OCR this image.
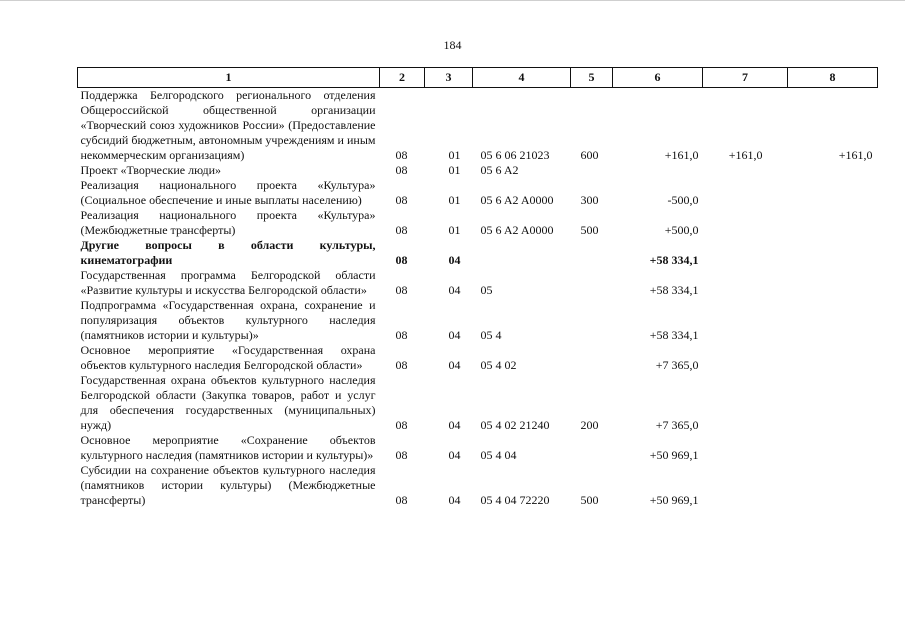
184
1	2	3	4	5	6	7	8
Поддержка Белгородского регионального отделения Общероссийской общественной организации «Творческий союз художников России» (Предоставление субсидий бюджетным, автономным учреждениям и иным некоммерческим организациям)	08	01	05 6 06 21023	600	+161,0	+161,0	+161,0
Проект «Творческие люди»	08	01	05 6 A2				
Реализация национального проекта «Культура» (Социальное обеспечение и иные выплаты населению)	08	01	05 6 A2 A0000	300	-500,0		
Реализация национального проекта «Культура» (Межбюджетные трансферты)	08	01	05 6 A2 A0000	500	+500,0		
Другие вопросы в области культуры, кинематографии	08	04			+58 334,1		
Государственная программа Белгородской области «Развитие культуры и искусства Белгородской области»	08	04	05		+58 334,1		
Подпрограмма «Государственная охрана, сохранение и популяризация объектов культурного наследия (памятников истории и культуры)»	08	04	05 4		+58 334,1		
Основное мероприятие «Государственная охрана объектов культурного наследия Белгородской области»	08	04	05 4 02		+7 365,0		
Государственная охрана объектов культурного наследия Белгородской области (Закупка товаров, работ и услуг для обеспечения государственных (муниципальных) нужд)	08	04	05 4 02 21240	200	+7 365,0		
Основное мероприятие «Сохранение объектов культурного наследия (памятников истории и культуры)»	08	04	05 4 04		+50 969,1		
Субсидии на сохранение объектов культурного наследия (памятников истории культуры) (Межбюджетные трансферты)	08	04	05 4 04 72220	500	+50 969,1		
